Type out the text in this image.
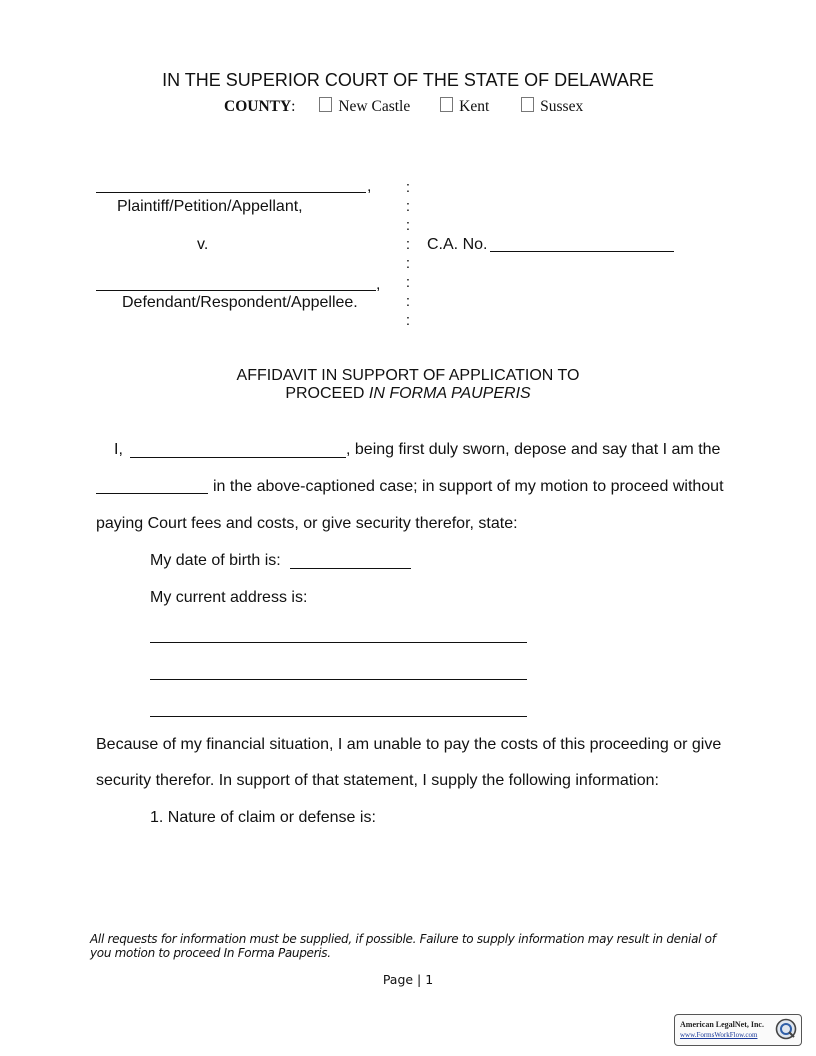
IN THE SUPERIOR COURT OF THE STATE OF DELAWARE
COUNTY:	New Castle	Kent	Sussex
,
Plaintiff/Petition/Appellant,
v.
,
Defendant/Respondent/Appellee.
:
:
:
:
:
:
:
:
C.A. No.
AFFIDAVIT IN SUPPORT OF APPLICATION TO
PROCEED IN FORMA PAUPERIS
I,	, being first duly sworn, depose and say that I am the
in the above-captioned case; in support of my motion to proceed without
paying Court fees and costs, or give security therefor, state:
My date of birth is:
My current address is:
Because of my financial situation, I am unable to pay the costs of this proceeding or give
security therefor. In support of that statement, I supply the following information:
1. Nature of claim or defense is:
All requests for information must be supplied, if possible. Failure to supply information may result in denial of you motion to proceed In Forma Pauperis.
Page | 1
American LegalNet, Inc.
www.FormsWorkFlow.com
